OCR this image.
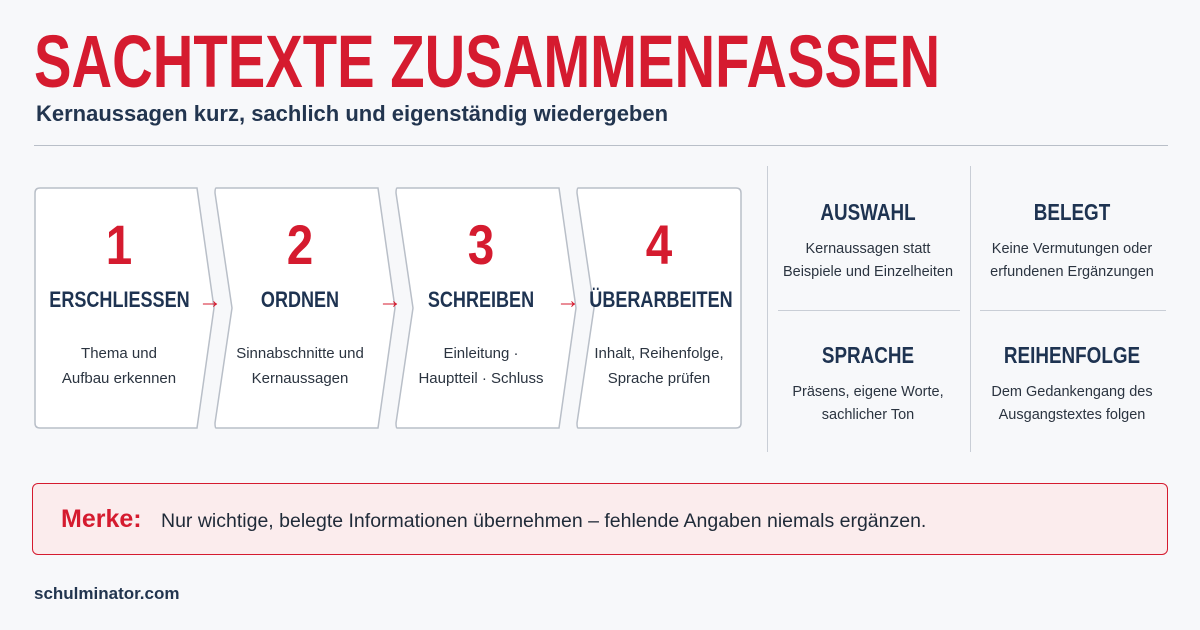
SACHTEXTE ZUSAMMENFASSEN
Kernaussagen kurz, sachlich und eigenständig wiedergeben
1
ERSCHLIESSEN
Thema und
Aufbau erkennen
→
2
ORDNEN
Sinnabschnitte und
Kernaussagen
→
3
SCHREIBEN
Einleitung ·
Hauptteil · Schluss
→
4
ÜBERARBEITEN
Inhalt, Reihenfolge,
Sprache prüfen
AUSWAHL
Kernaussagen statt
Beispiele und Einzelheiten
BELEGT
Keine Vermutungen oder
erfundenen Ergänzungen
SPRACHE
Präsens, eigene Worte,
sachlicher Ton
REIHENFOLGE
Dem Gedankengang des
Ausgangstextes folgen
Merke: Nur wichtige, belegte Informationen übernehmen – fehlende Angaben niemals ergänzen.
schulminator.com
